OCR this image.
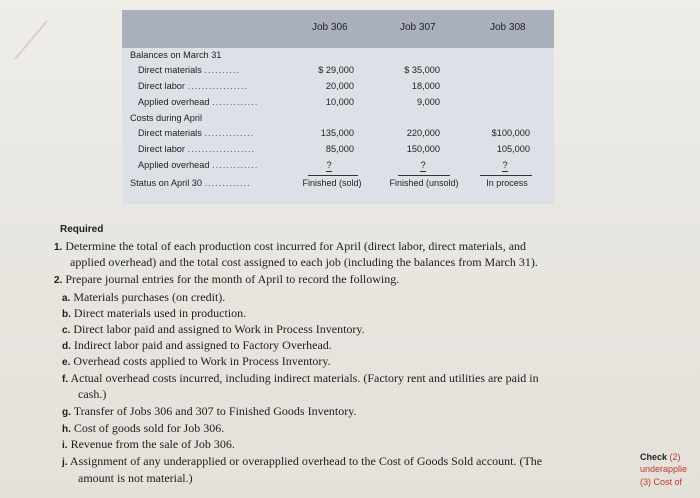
Job 306	Job 307	Job 308
Balances on March 31
Direct materials ..........	$ 29,000	$ 35,000
Direct labor .................	20,000	18,000
Applied overhead .............	10,000	9,000
Costs during April
Direct materials ..............	135,000	220,000	$100,000
Direct labor ...................	85,000	150,000	105,000
Applied overhead .............	?	?	?
Status on April 30 .............	Finished (sold)	Finished (unsold)	In process
Required
1. Determine the total of each production cost incurred for April (direct labor, direct materials, and
applied overhead) and the total cost assigned to each job (including the balances from March 31).
2. Prepare journal entries for the month of April to record the following.
a. Materials purchases (on credit).
b. Direct materials used in production.
c. Direct labor paid and assigned to Work in Process Inventory.
d. Indirect labor paid and assigned to Factory Overhead.
e. Overhead costs applied to Work in Process Inventory.
f. Actual overhead costs incurred, including indirect materials. (Factory rent and utilities are paid in
cash.)
g. Transfer of Jobs 306 and 307 to Finished Goods Inventory.
h. Cost of goods sold for Job 306.
i. Revenue from the sale of Job 306.
j. Assignment of any underapplied or overapplied overhead to the Cost of Goods Sold account. (The
amount is not material.)
Check (2)
underapplie
(3) Cost of
